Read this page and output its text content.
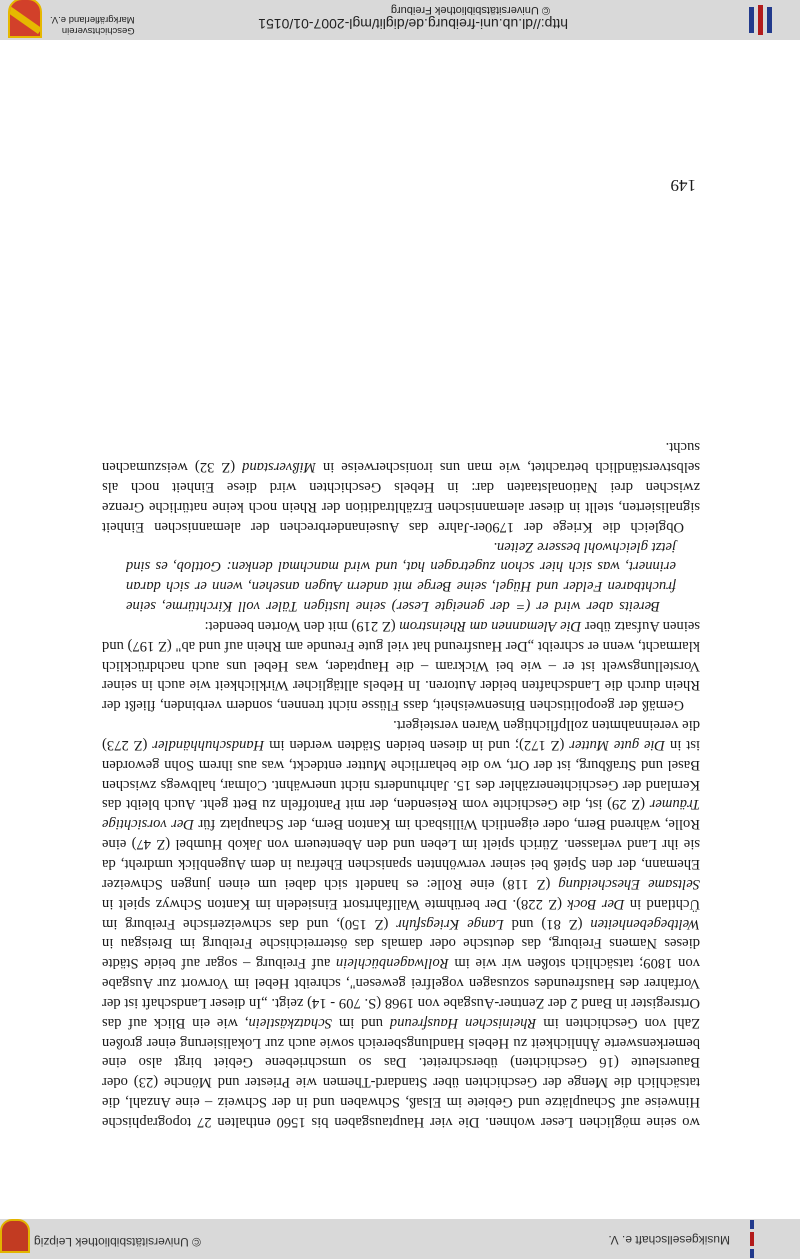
Musikgesellschaft e. V.
© Universitätsbibliothek Leipzig

wo seine möglichen Leser wohnen. Die vier Hauptausgaben bis 1560 enthalten 27 topographische Hinweise auf Schauplätze und Gebiete im Elsaß, Schwaben und in der Schweiz – eine Anzahl, die tatsächlich die Menge der Geschichten über Standard-Themen wie Priester und Mönche (23) oder Bauersleute (16 Geschichten) überschreitet. Das so umschriebene Gebiet birgt also eine bemerkenswerte Ähnlichkeit zu Hebels Handlungsbereich sowie auch zur Lokalisierung einer großen Zahl von Geschichten im Rheinischen Hausfreund und im Schatzkästlein, wie ein Blick auf das Ortsregister in Band 2 der Zentner-Ausgabe von 1968 (S. 709 - 14) zeigt. „In dieser Landschaft ist der Vorfahrer des Hausfreundes sozusagen vogelfrei gewesen", schreibt Hebel im Vorwort zur Ausgabe von 1809; tatsächlich stoßen wir wie im Rollwagenbüchlein auf Freiburg – sogar auf beide Städte dieses Namens Freiburg, das deutsche oder damals das österreichische Freiburg im Breisgau in Weltbegebenheiten (Z 81) und Lange Kriegsfuhr (Z 150), und das schweizerische Freiburg im Üchtland in Der Bock (Z 228). Der berühmte Wallfahrtsort Einsiedeln im Kanton Schwyz spielt in Seltsame Ehescheidung (Z 118) eine Rolle: es handelt sich dabei um einen jungen Schweizer Ehemann, der den Spieß bei seiner verwöhnten spanischen Ehefrau in dem Augenblick umdreht, da sie ihr Land verlassen. Zürich spielt im Leben und den Abenteuern von Jakob Humbel (Z 47) eine Rolle, während Bern, oder eigentlich Willisbach im Kanton Bern, der Schauplatz für Der vorsichtige Träumer (Z 29) ist, die Geschichte vom Reisenden, der mit Pantoffeln zu Bett geht. Auch bleibt das Kernland der Geschichtenerzähler des 15. Jahrhunderts nicht unerwähnt. Colmar, halbwegs zwischen Basel und Straßburg, ist der Ort, wo die beharrliche Mutter entdeckt, was aus ihrem Sohn geworden ist in Die gute Mutter (Z 172); und in diesen beiden Städten werden im Handschuhhändler (Z 273) die vereinnahmten zollpflichtigen Waren versteigert.

Gemäß der geopolitischen Binsenweisheit, dass Flüsse nicht trennen, sondern verbinden, fließt der Rhein durch die Landschaften beider Autoren. In Hebels alltäglicher Wirklichkeit wie auch in seiner Vorstellungswelt ist er – wie bei Wickram – die Hauptader, was Hebel uns auch nachdrücklich klarmacht, wenn er schreibt „Der Hausfreund hat viel gute Freunde am Rhein auf und ab" (Z 197) und seinen Aufsatz über Die Alemannen am Rheinstrom (Z 219) mit den Worten beendet:

Bereits aber wird er (= der geneigte Leser) seine lustigen Täler voll Kirchtürme, seine fruchtbaren Felder und Hügel, seine Berge mit andern Augen ansehen, wenn er sich daran erinnert, was sich hier schon zugetragen hat, und wird manchmal denken: Gottlob, es sind jetzt gleichwohl bessere Zeiten.

Obgleich die Kriege der 1790er-Jahre das Auseinanderbrechen der alemannischen Einheit signalisierten, stellt in dieser alemannischen Erzähltradition der Rhein noch keine natürliche Grenze zwischen drei Nationalstaaten dar: in Hebels Geschichten wird diese Einheit noch als selbstverständlich betrachtet, wie man uns ironischerweise in Mißverstand (Z 32) weiszumachen sucht.

149
http://dl.ub.uni-freiburg.de/diglit/mgl-2007-01/0151
© Universitätsbibliothek Freiburg
Geschichtsverein
Markgräflerland e.V.
